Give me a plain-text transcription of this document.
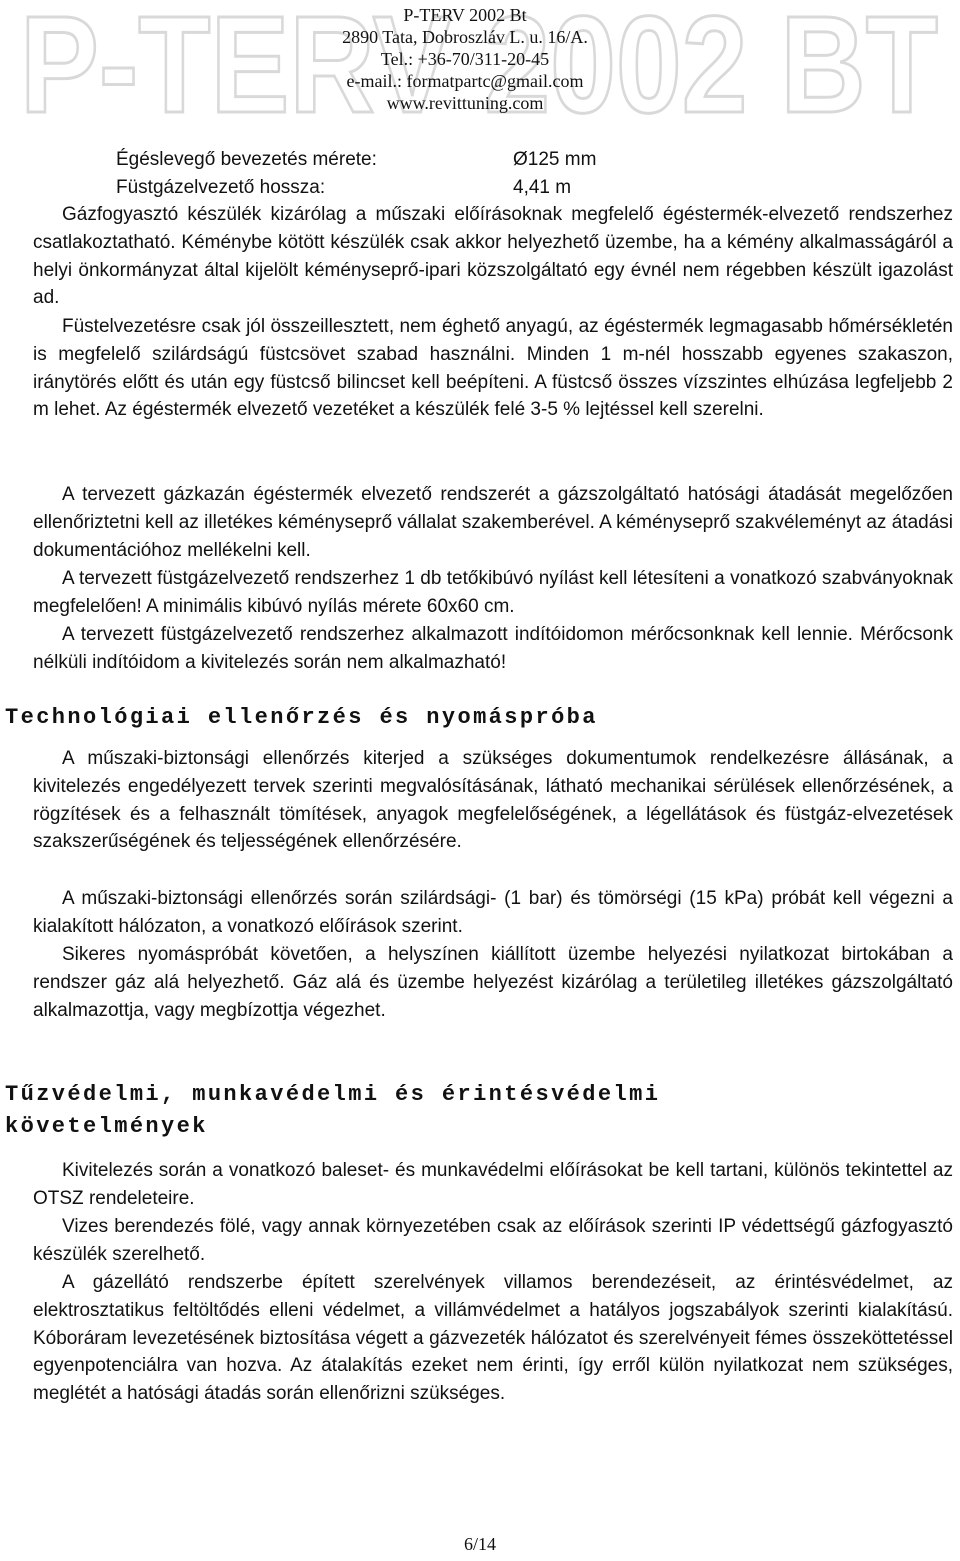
P-TERV 2002 BT
P-TERV 2002 Bt
2890 Tata, Dobroszláv L. u. 16/A.
Tel.: +36-70/311-20-45
e-mail.: formatpartc@gmail.com
www.revittuning.com
Égéslevegő bevezetés mérete:	Ø125 mm
Füstgázelvezető hossza:	4,41 m

Gázfogyasztó készülék kizárólag a műszaki előírásoknak megfelelő égéstermék-elvezető rendszerhez csatlakoztatható. Kéménybe kötött készülék csak akkor helyezhető üzembe, ha a kémény alkalmasságáról a helyi önkormányzat által kijelölt kéményseprő-ipari közszolgáltató egy évnél nem régebben készült igazolást ad.

Füstelvezetésre csak jól összeillesztett, nem éghető anyagú, az égéstermék legmagasabb hőmérsékletén is megfelelő szilárdságú füstcsövet szabad használni. Minden 1 m-nél hosszabb egyenes szakaszon, iránytörés előtt és után egy füstcső bilincset kell beépíteni. A füstcső összes vízszintes elhúzása legfeljebb 2 m lehet. Az égéstermék elvezető vezetéket a készülék felé 3-5 % lejtéssel kell szerelni.

A tervezett gázkazán égéstermék elvezető rendszerét a gázszolgáltató hatósági átadását megelőzően ellenőriztetni kell az illetékes kéményseprő vállalat szakemberével. A kéményseprő szakvéleményt az átadási dokumentációhoz mellékelni kell.

A tervezett füstgázelvezető rendszerhez 1 db tetőkibúvó nyílást kell létesíteni a vonatkozó szabványoknak megfelelően! A minimális kibúvó nyílás mérete 60x60 cm.

A tervezett füstgázelvezető rendszerhez alkalmazott indítóidomon mérőcsonknak kell lennie. Mérőcsonk nélküli indítóidom a kivitelezés során nem alkalmazható!

Technológiai ellenőrzés és nyomáspróba

A műszaki-biztonsági ellenőrzés kiterjed a szükséges dokumentumok rendelkezésre állásának, a kivitelezés engedélyezett tervek szerinti megvalósításának, látható mechanikai sérülések ellenőrzésének, a rögzítések és a felhasznált tömítések, anyagok megfelelőségének, a légellátások és füstgáz-elvezetések szakszerűségének és teljességének ellenőrzésére.

A műszaki-biztonsági ellenőrzés során szilárdsági- (1 bar) és tömörségi (15 kPa) próbát kell végezni a kialakított hálózaton, a vonatkozó előírások szerint.

Sikeres nyomáspróbát követően, a helyszínen kiállított üzembe helyezési nyilatkozat birtokában a rendszer gáz alá helyezhető. Gáz alá és üzembe helyezést kizárólag a területileg illetékes gázszolgáltató alkalmazottja, vagy megbízottja végezhet.

Tűzvédelmi, munkavédelmi és érintésvédelmi
követelmények

Kivitelezés során a vonatkozó baleset- és munkavédelmi előírásokat be kell tartani, különös tekintettel az OTSZ rendeleteire.

Vizes berendezés fölé, vagy annak környezetében csak az előírások szerinti IP védettségű gázfogyasztó készülék szerelhető.

A gázellátó rendszerbe épített szerelvények villamos berendezéseit, az érintésvédelmet, az elektrosztatikus feltöltődés elleni védelmet, a villámvédelmet a hatályos jogszabályok szerinti kialakítású. Kóboráram levezetésének biztosítása végett a gázvezeték hálózatot és szerelvényeit fémes összeköttetéssel egyenpotenciálra van hozva. Az átalakítás ezeket nem érinti, így erről külön nyilatkozat nem szükséges, meglétét a hatósági átadás során ellenőrizni szükséges.

6/14
